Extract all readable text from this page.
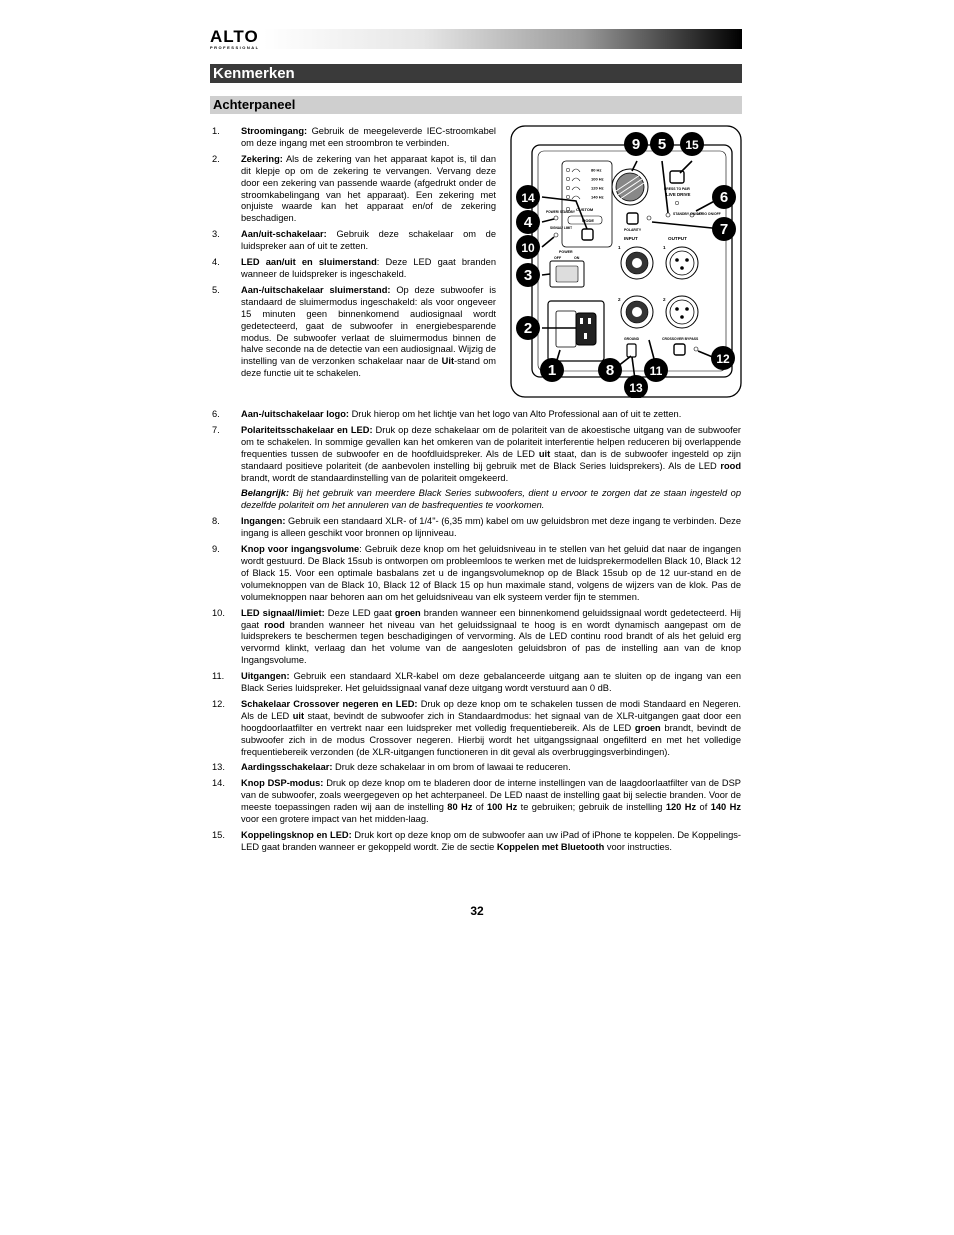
ALTO
PROFESSIONAL
Kenmerken
Achterpaneel
1.	Stroomingang: Gebruik de meegeleverde IEC-stroomkabel om deze ingang met een stroombron te verbinden.
2.	Zekering: Als de zekering van het apparaat kapot is, til dan dit klepje op om de zekering te vervangen. Vervang deze door een zekering van passende waarde (afgedrukt onder de stroomkabelingang van het apparaat). Een zekering met onjuiste waarde kan het apparaat en/of de zekering beschadigen.
3.	Aan/uit-schakelaar: Gebruik deze schakelaar om de luidspreker aan of uit te zetten.
4.	LED aan/uit en sluimerstand: Deze LED gaat branden wanneer de luidspreker is ingeschakeld.
5.	Aan-/uitschakelaar sluimerstand: Op deze subwoofer is standaard de sluimermodus ingeschakeld: als voor ongeveer 15 minuten geen binnenkomend audiosignaal wordt gedetecteerd, gaat de subwoofer in energiebesparende modus. De subwoofer verlaat de sluimermodus binnen de halve seconde na de detectie van een audiosignaal. Wijzig de instelling van de verzonken schakelaar naar de Uit-stand om deze functie uit te schakelen.
80 Hz
100 Hz
120 Hz
140 Hz
CUSTOM
MODE
POWER/ STANDBY
SIGNAL/ LIMIT
PRESS TO PAIR
LIVE DRIVE
STANDBY ON/OFF
LOGO ON/OFF
POLARITY
INPUT	OUTPUT
1	1
2	2
GROUND	CROSSOVER BYPASS
POWER
OFF	ON
14
4
10
3
2
1	8
13
11
12
7
6
9 5 15
6.	Aan-/uitschakelaar logo: Druk hierop om het lichtje van het logo van Alto Professional aan of uit te zetten.
7.	Polariteitsschakelaar en LED: Druk op deze schakelaar om de polariteit van de akoestische uitgang van de subwoofer om te schakelen. In sommige gevallen kan het omkeren van de polariteit interferentie helpen reduceren bij overlappende frequenties tussen de subwoofer en de hoofdluidspreker. Als de LED uit staat, dan is de subwoofer ingesteld op zijn standaard positieve polariteit (de aanbevolen instelling bij gebruik met de Black Series luidsprekers). Als de LED rood brandt, wordt de standaardinstelling van de polariteit omgekeerd.
Belangrijk: Bij het gebruik van meerdere Black Series subwoofers, dient u ervoor te zorgen dat ze staan ingesteld op dezelfde polariteit om het annuleren van de basfrequenties te voorkomen.
8.	Ingangen: Gebruik een standaard XLR- of 1/4"- (6,35 mm) kabel om uw geluidsbron met deze ingang te verbinden. Deze ingang is alleen geschikt voor bronnen op lijnniveau.
9.	Knop voor ingangsvolume: Gebruik deze knop om het geluidsniveau in te stellen van het geluid dat naar de ingangen wordt gestuurd. De Black 15sub is ontworpen om probleemloos te werken met de luidsprekermodellen Black 10, Black 12 of Black 15. Voor een optimale basbalans zet u de ingangsvolumeknop op de Black 15sub op de 12 uur-stand en de volumeknoppen van de Black 10, Black 12 of Black 15 op hun maximale stand, volgens de wijzers van de klok. Pas de volumeknoppen naar behoren aan om het geluidsniveau van elk systeem verder fijn te stemmen.
10.	LED signaal/limiet: Deze LED gaat groen branden wanneer een binnenkomend geluidssignaal wordt gedetecteerd. Hij gaat rood branden wanneer het niveau van het geluidssignaal te hoog is en wordt dynamisch aangepast om de luidsprekers te beschermen tegen beschadigingen of vervorming. Als de LED continu rood brandt of als het geluid erg vervormd klinkt, verlaag dan het volume van de aangesloten geluidsbron of pas de instelling aan van de knop Ingangsvolume.
11.	Uitgangen: Gebruik een standaard XLR-kabel om deze gebalanceerde uitgang aan te sluiten op de ingang van een Black Series luidspreker. Het geluidssignaal vanaf deze uitgang wordt verstuurd aan 0 dB.
12.	Schakelaar Crossover negeren en LED: Druk op deze knop om te schakelen tussen de modi Standaard en Negeren. Als de LED uit staat, bevindt de subwoofer zich in Standaardmodus: het signaal van de XLR-uitgangen gaat door een hoogdoorlaatfilter en vertrekt naar een luidspreker met volledig frequentiebereik. Als de LED groen brandt, bevindt de subwoofer zich in de modus Crossover negeren. Hierbij wordt het uitgangssignaal ongefilterd en met het volledige frequentiebereik verzonden (de XLR-uitgangen functioneren in dit geval als overbruggingsverbindingen).
13.	Aardingsschakelaar: Druk deze schakelaar in om brom of lawaai te reduceren.
14.	Knop DSP-modus: Druk op deze knop om te bladeren door de interne instellingen van de laagdoorlaatfilter van de DSP van de subwoofer, zoals weergegeven op het achterpaneel. De LED naast de instelling gaat bij selectie branden. Voor de meeste toepassingen raden wij aan de instelling 80 Hz of 100 Hz te gebruiken; gebruik de instelling 120 Hz of 140 Hz voor een grotere impact van het midden-laag.
15.	Koppelingsknop en LED: Druk kort op deze knop om de subwoofer aan uw iPad of iPhone te koppelen. De Koppelings-LED gaat branden wanneer er gekoppeld wordt. Zie de sectie Koppelen met Bluetooth voor instructies.
32
